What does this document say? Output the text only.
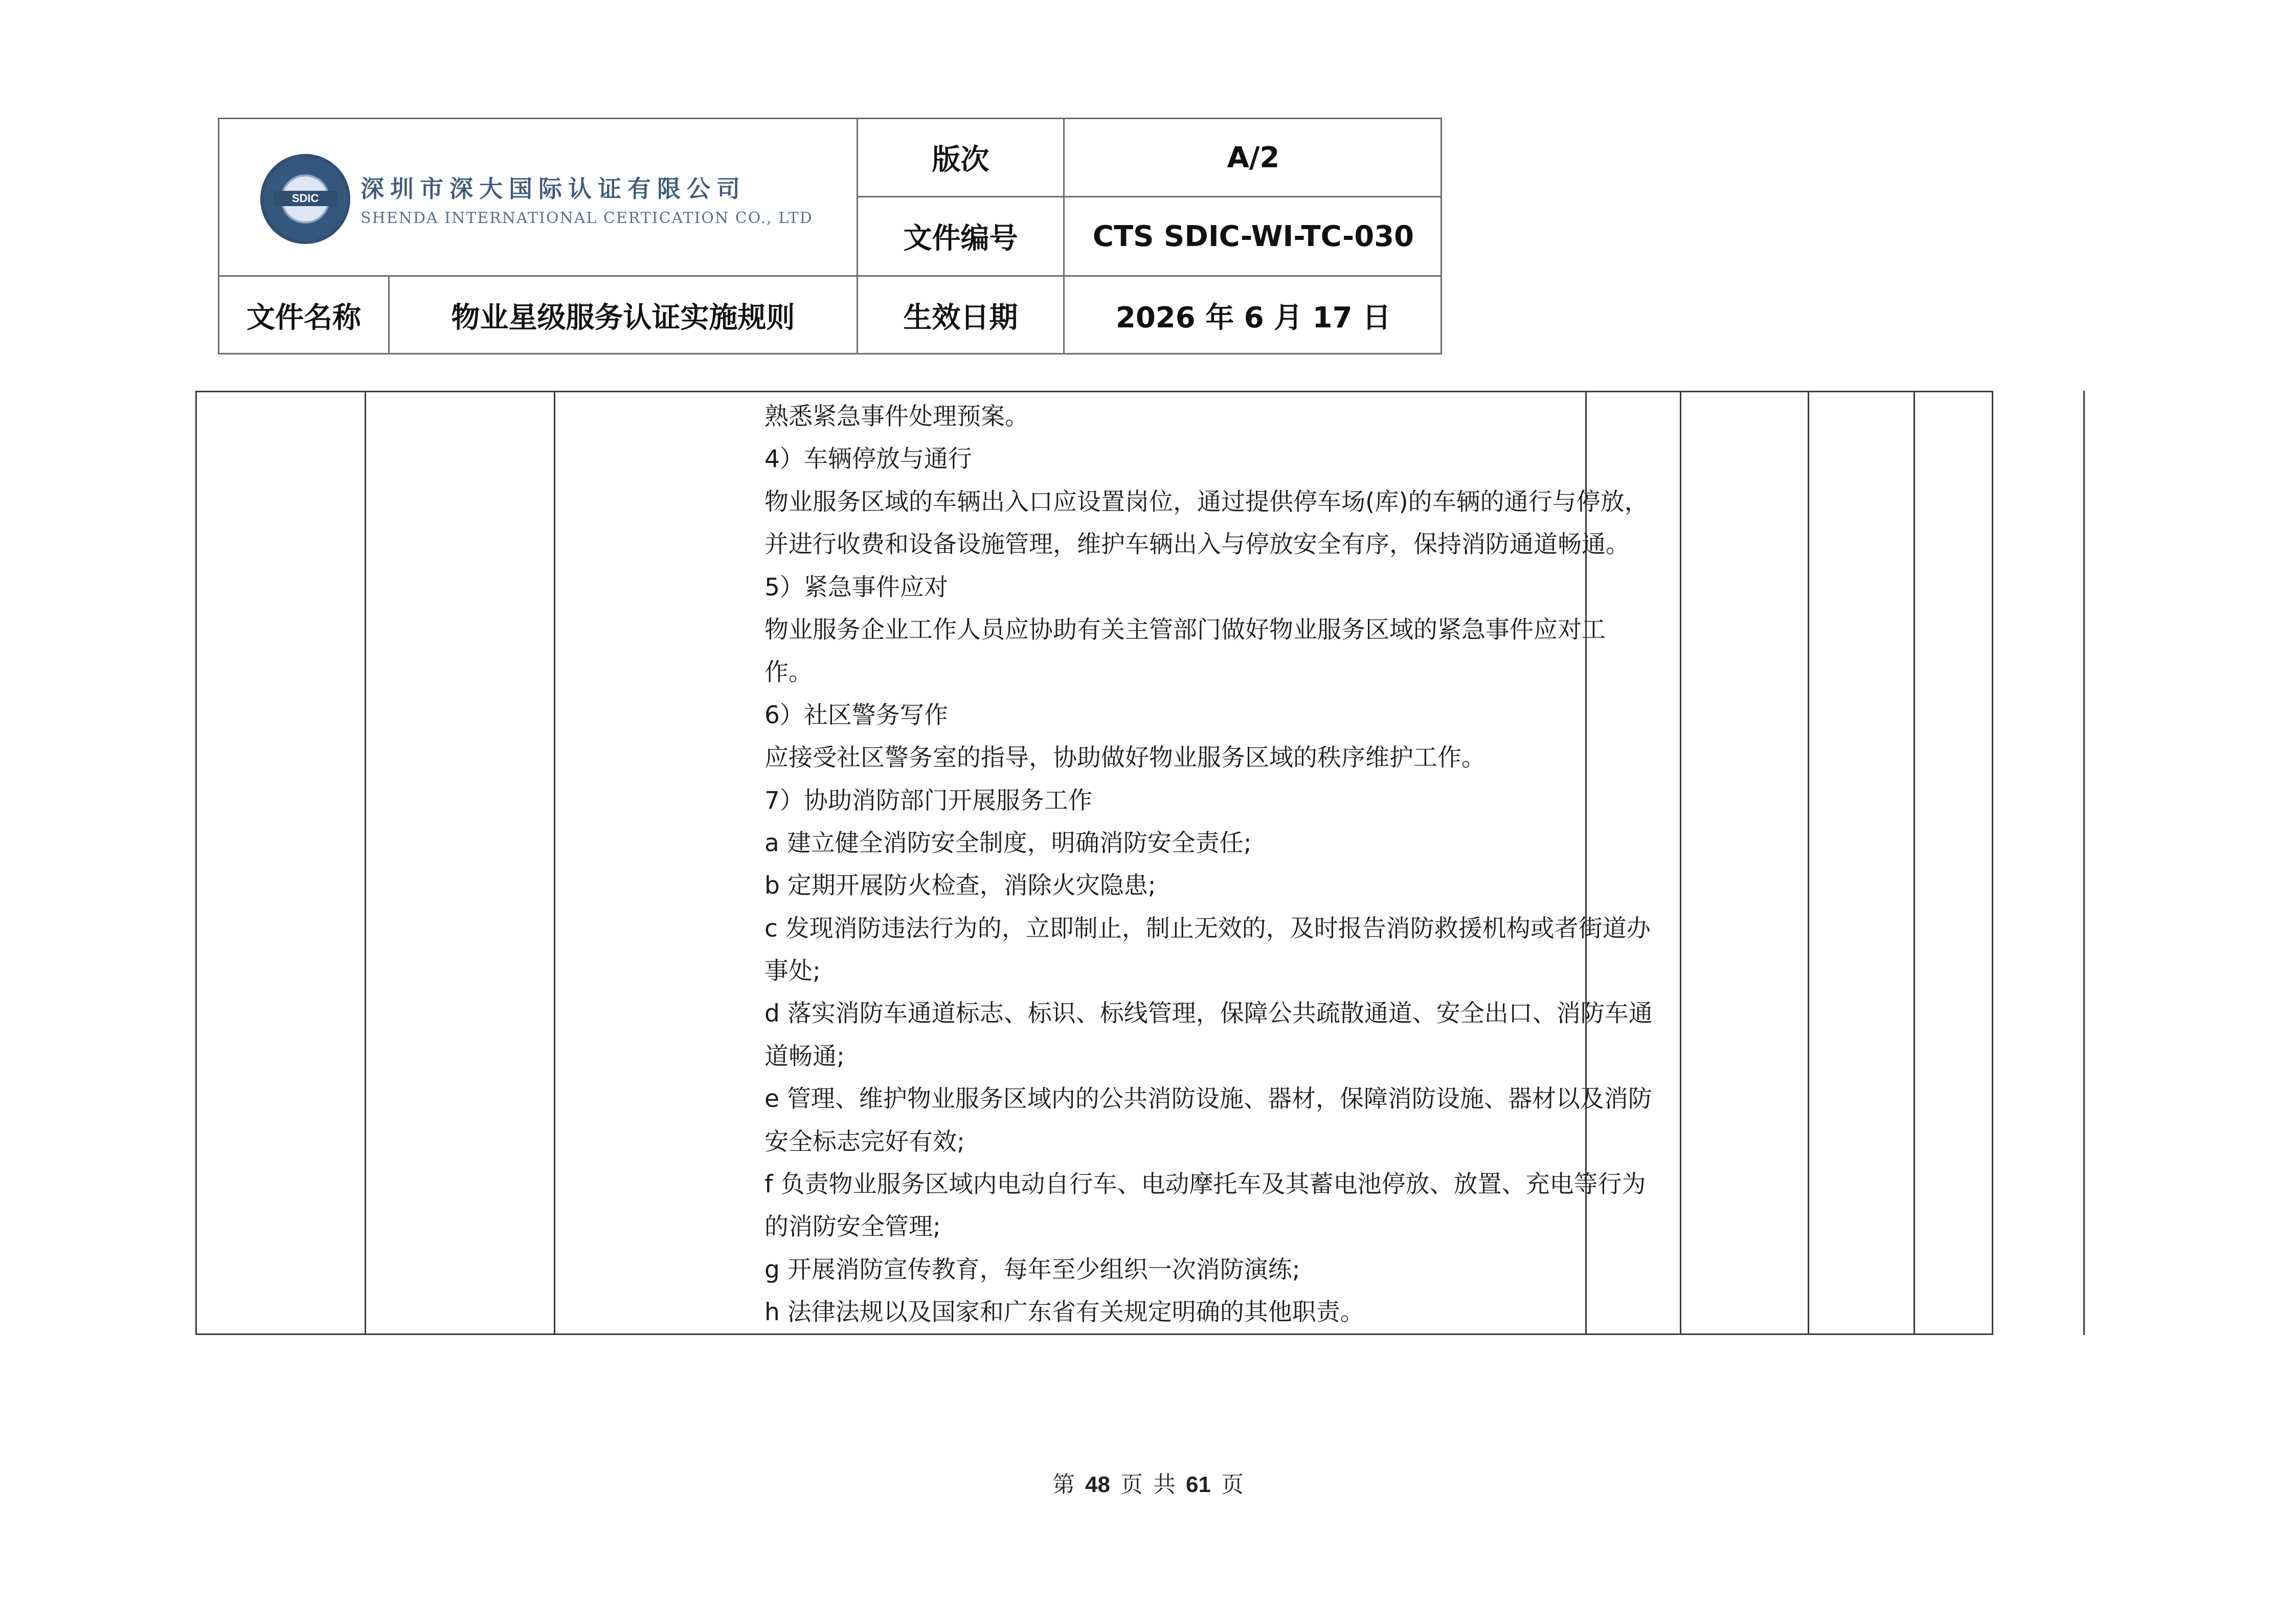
SDIC	深圳市深大国际认证有限公司
SHENDA INTERNATIONAL CERTICATION CO., LTD
版次	A/2
文件编号	CTS SDIC-WI-TC-030
文件名称	物业星级服务认证实施规则	生效日期	2026 年 6 月 17 日
熟悉紧急事件处理预案。
4）车辆停放与通行
物业服务区域的车辆出入口应设置岗位，通过提供停车场(库)的车辆的通行与停放，
并进行收费和设备设施管理，维护车辆出入与停放安全有序，保持消防通道畅通。
5）紧急事件应对
物业服务企业工作人员应协助有关主管部门做好物业服务区域的紧急事件应对工
作。
6）社区警务写作
应接受社区警务室的指导，协助做好物业服务区域的秩序维护工作。
7）协助消防部门开展服务工作
a 建立健全消防安全制度，明确消防安全责任;
b 定期开展防火检查，消除火灾隐患;
c 发现消防违法行为的，立即制止，制止无效的，及时报告消防救援机构或者街道办
事处;
d 落实消防车通道标志、标识、标线管理，保障公共疏散通道、安全出口、消防车通
道畅通;
e 管理、维护物业服务区域内的公共消防设施、器材，保障消防设施、器材以及消防
安全标志完好有效;
f 负责物业服务区域内电动自行车、电动摩托车及其蓄电池停放、放置、充电等行为
的消防安全管理;
g 开展消防宣传教育，每年至少组织一次消防演练;
h 法律法规以及国家和广东省有关规定明确的其他职责。
第 48 页 共 61 页
